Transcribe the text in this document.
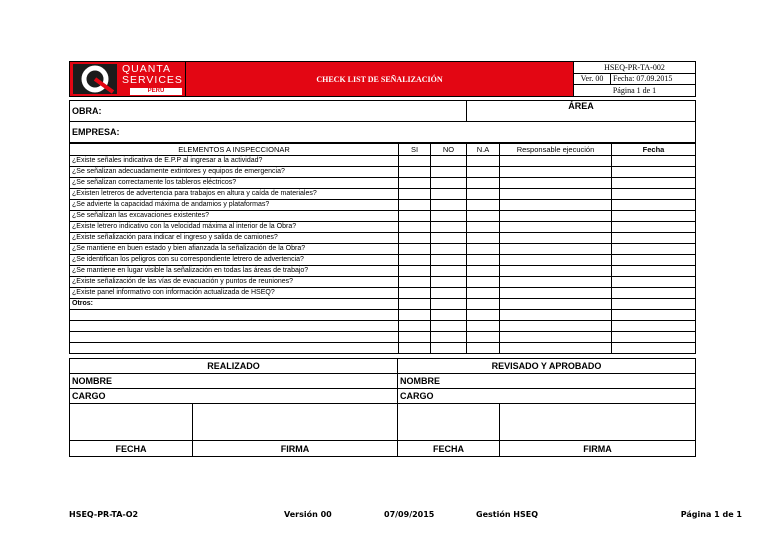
QUANTA
SERVICES
PERU	CHECK LIST DE SEÑALIZACIÓN	HSEQ-PR-TA-002	
		Ver. 00	Fecha: 07.09.2015
		Página 1 de 1	
OBRA:	ÁREA
EMPRESA:
ELEMENTOS A INSPECCIONAR	SI	NO	N.A	Responsable ejecución	Fecha
¿Existe señales indicativa de E.P.P al ingresar a la actividad?					
¿Se señalizan adecuadamente extintores y equipos de emergencia?					
¿Se señalizan correctamente los tableros eléctricos?					
¿Existen letreros de advertencia para trabajos en altura y caída de materiales?					
¿Se advierte la capacidad máxima de andamios y plataformas?					
¿Se señalizan las excavaciones existentes?					
¿Existe letrero indicativo con la velocidad máxima al interior de la Obra?					
¿Existe señalización para indicar el ingreso y salida de camiones?					
¿Se mantiene en buen estado y bien afianzada la señalización de la Obra?					
¿Se identifican los peligros con su correspondiente letrero de advertencia?					
¿Se mantiene en lugar visible la señalización en todas las áreas de trabajo?					
¿Existe señalización de las vías de evacuación y puntos de reuniones?					
¿Existe panel informativo con información actualizada de HSEQ?					
Otros:					

REALIZADO		REVISADO Y APROBADO	
NOMBRE		NOMBRE	
CARGO		CARGO	

FECHA	FIRMA	FECHA	FIRMA
HSEQ-PR-TA-O2	Versión 00	07/09/2015	Gestión HSEQ	Página 1 de 1
